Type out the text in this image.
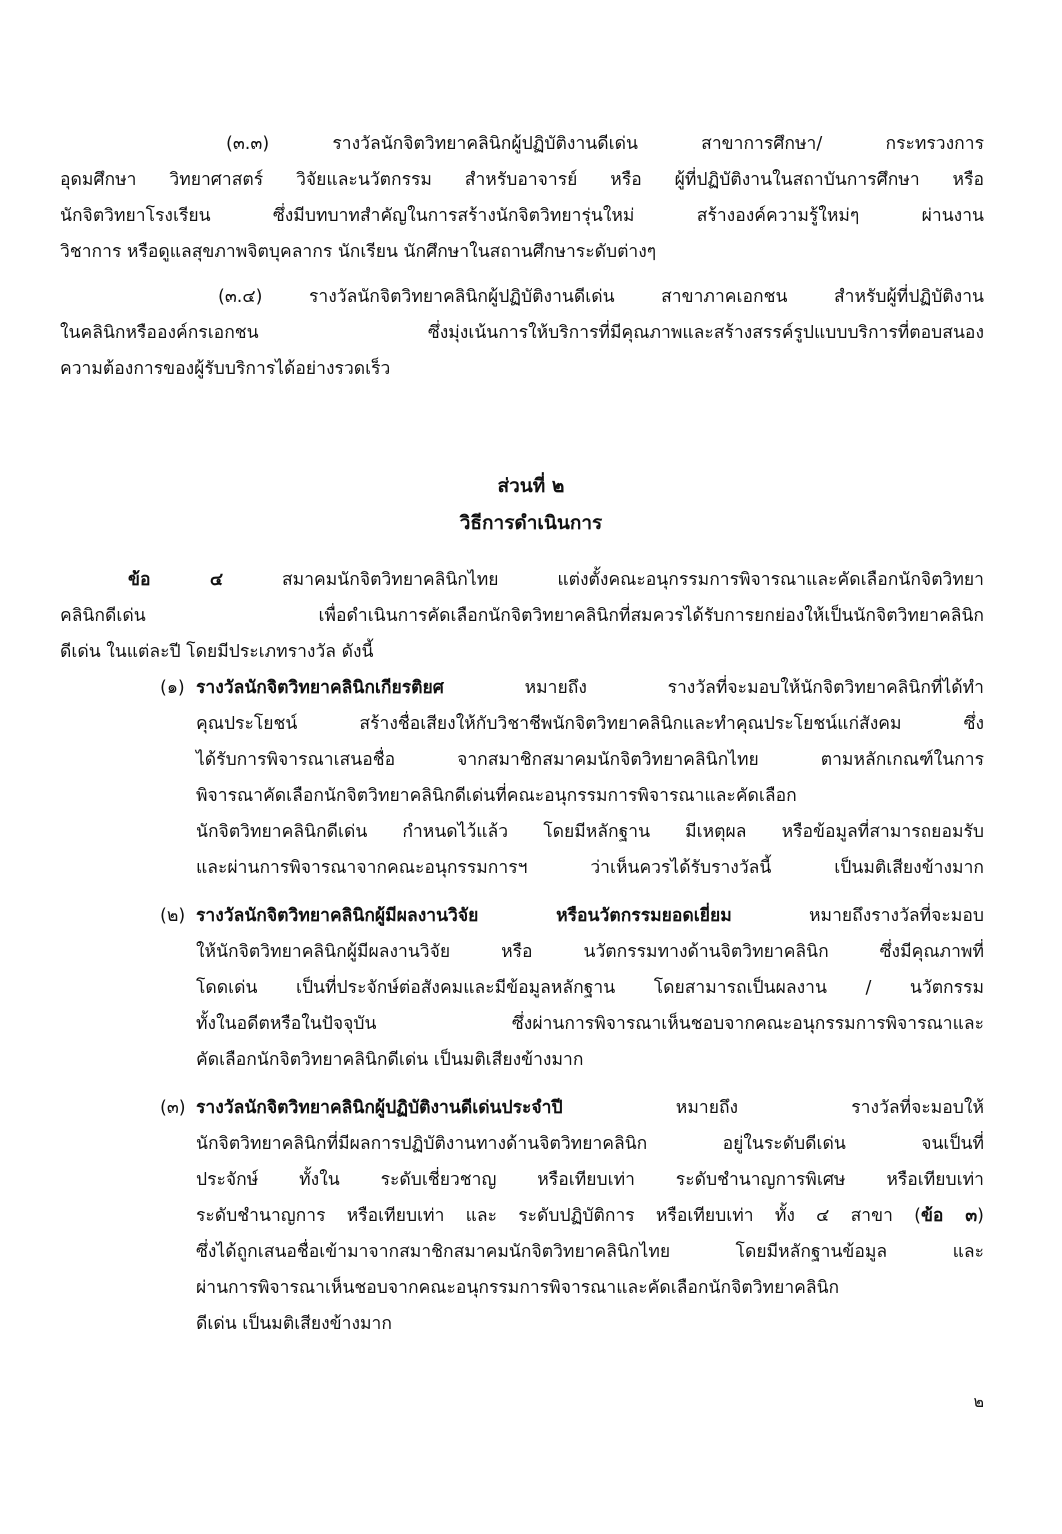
(๓.๓) รางวัลนักจิตวิทยาคลินิกผู้ปฏิบัติงานดีเด่น สาขาการศึกษา/ กระทรวงการ

อุดมศึกษา วิทยาศาสตร์ วิจัยและนวัตกรรม สำหรับอาจารย์ หรือ ผู้ที่ปฏิบัติงานในสถาบันการศึกษา หรือ

นักจิตวิทยาโรงเรียน ซึ่งมีบทบาทสำคัญในการสร้างนักจิตวิทยารุ่นใหม่ สร้างองค์ความรู้ใหม่ๆ ผ่านงาน

วิชาการ หรือดูแลสุขภาพจิตบุคลากร นักเรียน นักศึกษาในสถานศึกษาระดับต่างๆ

(๓.๔) รางวัลนักจิตวิทยาคลินิกผู้ปฏิบัติงานดีเด่น สาขาภาคเอกชน สำหรับผู้ที่ปฏิบัติงาน

ในคลินิกหรือองค์กรเอกชน ซึ่งมุ่งเน้นการให้บริการที่มีคุณภาพและสร้างสรรค์รูปแบบบริการที่ตอบสนอง

ความต้องการของผู้รับบริการได้อย่างรวดเร็ว

ส่วนที่ ๒

วิธีการดำเนินการ

ข้อ ๔	สมาคมนักจิตวิทยาคลินิกไทย แต่งตั้งคณะอนุกรรมการพิจารณาและคัดเลือกนักจิตวิทยา

คลินิกดีเด่น เพื่อดำเนินการคัดเลือกนักจิตวิทยาคลินิกที่สมควรได้รับการยกย่องให้เป็นนักจิตวิทยาคลินิก

ดีเด่น ในแต่ละปี โดยมีประเภทรางวัล ดังนี้

(๑) รางวัลนักจิตวิทยาคลินิกเกียรติยศ	หมายถึง รางวัลที่จะมอบให้นักจิตวิทยาคลินิกที่ได้ทำ

คุณประโยชน์ สร้างชื่อเสียงให้กับวิชาชีพนักจิตวิทยาคลินิกและทำคุณประโยชน์แก่สังคม ซึ่ง

ได้รับการพิจารณาเสนอชื่อ จากสมาชิกสมาคมนักจิตวิทยาคลินิกไทย ตามหลักเกณฑ์ในการ

พิจารณาคัดเลือกนักจิตวิทยาคลินิกดีเด่นที่คณะอนุกรรมการพิจารณาและคัดเลือก

นักจิตวิทยาคลินิกดีเด่น กำหนดไว้แล้ว โดยมีหลักฐาน มีเหตุผล หรือข้อมูลที่สามารถยอมรับ

และผ่านการพิจารณาจากคณะอนุกรรมการฯ ว่าเห็นควรได้รับรางวัลนี้ เป็นมติเสียงข้างมาก

(๒) รางวัลนักจิตวิทยาคลินิกผู้มีผลงานวิจัย หรือนวัตกรรมยอดเยี่ยม	หมายถึงรางวัลที่จะมอบ

ให้นักจิตวิทยาคลินิกผู้มีผลงานวิจัย หรือ นวัตกรรมทางด้านจิตวิทยาคลินิก ซึ่งมีคุณภาพที่

โดดเด่น เป็นที่ประจักษ์ต่อสังคมและมีข้อมูลหลักฐาน โดยสามารถเป็นผลงาน / นวัตกรรม

ทั้งในอดีตหรือในปัจจุบัน ซึ่งผ่านการพิจารณาเห็นชอบจากคณะอนุกรรมการพิจารณาและ

คัดเลือกนักจิตวิทยาคลินิกดีเด่น เป็นมติเสียงข้างมาก

(๓) รางวัลนักจิตวิทยาคลินิกผู้ปฏิบัติงานดีเด่นประจำปี	หมายถึง รางวัลที่จะมอบให้

นักจิตวิทยาคลินิกที่มีผลการปฏิบัติงานทางด้านจิตวิทยาคลินิก อยู่ในระดับดีเด่น จนเป็นที่

ประจักษ์ ทั้งใน ระดับเชี่ยวชาญ หรือเทียบเท่า ระดับชำนาญการพิเศษ หรือเทียบเท่า

ระดับชำนาญการ หรือเทียบเท่า และ ระดับปฏิบัติการ หรือเทียบเท่า ทั้ง ๔ สาขา (ข้อ ๓)

ซึ่งได้ถูกเสนอชื่อเข้ามาจากสมาชิกสมาคมนักจิตวิทยาคลินิกไทย โดยมีหลักฐานข้อมูล และ

ผ่านการพิจารณาเห็นชอบจากคณะอนุกรรมการพิจารณาและคัดเลือกนักจิตวิทยาคลินิก

ดีเด่น เป็นมติเสียงข้างมาก

๒
